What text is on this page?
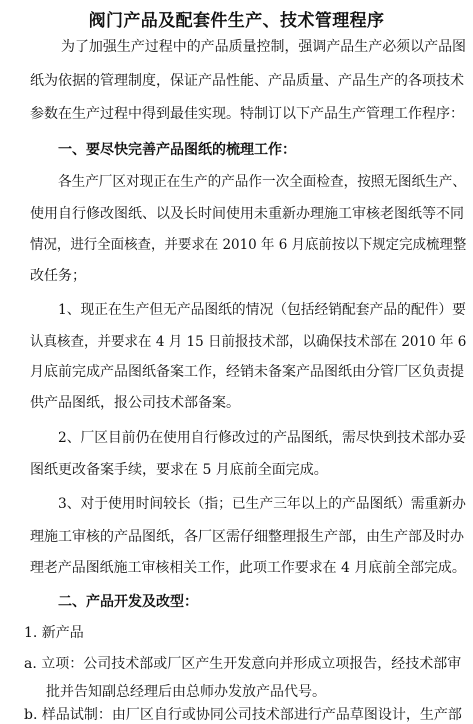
阀门产品及配套件生产、技术管理程序
为了加强生产过程中的产品质量控制，强调产品生产必须以产品图
纸为依据的管理制度，保证产品性能、产品质量、产品生产的各项技术
参数在生产过程中得到最佳实现。特制订以下产品生产管理工作程序：
一、要尽快完善产品图纸的梳理工作：
各生产厂区对现正在生产的产品作一次全面检查，按照无图纸生产、
使用自行修改图纸、以及长时间使用未重新办理施工审核老图纸等不同
情况，进行全面核查，并要求在 2010 年 6 月底前按以下规定完成梳理整
改任务；
1、现正在生产但无产品图纸的情况（包括经销配套产品的配件）要
认真核查，并要求在 4 月 15 日前报技术部，以确保技术部在 2010 年 6
月底前完成产品图纸备案工作，经销未备案产品图纸由分管厂区负责提
供产品图纸，报公司技术部备案。
2、厂区目前仍在使用自行修改过的产品图纸，需尽快到技术部办妥
图纸更改备案手续，要求在 5 月底前全面完成。
3、对于使用时间较长（指；已生产三年以上的产品图纸）需重新办
理施工审核的产品图纸，各厂区需仔细整理报生产部，由生产部及时办
理老产品图纸施工审核相关工作，此项工作要求在 4 月底前全部完成。
二、产品开发及改型：
1. 新产品
a. 立项：公司技术部或厂区产生开发意向并形成立项报告，经技术部审
批并告知副总经理后由总师办发放产品代号。
b. 样品试制：由厂区自行或协同公司技术部进行产品草图设计，生产部
